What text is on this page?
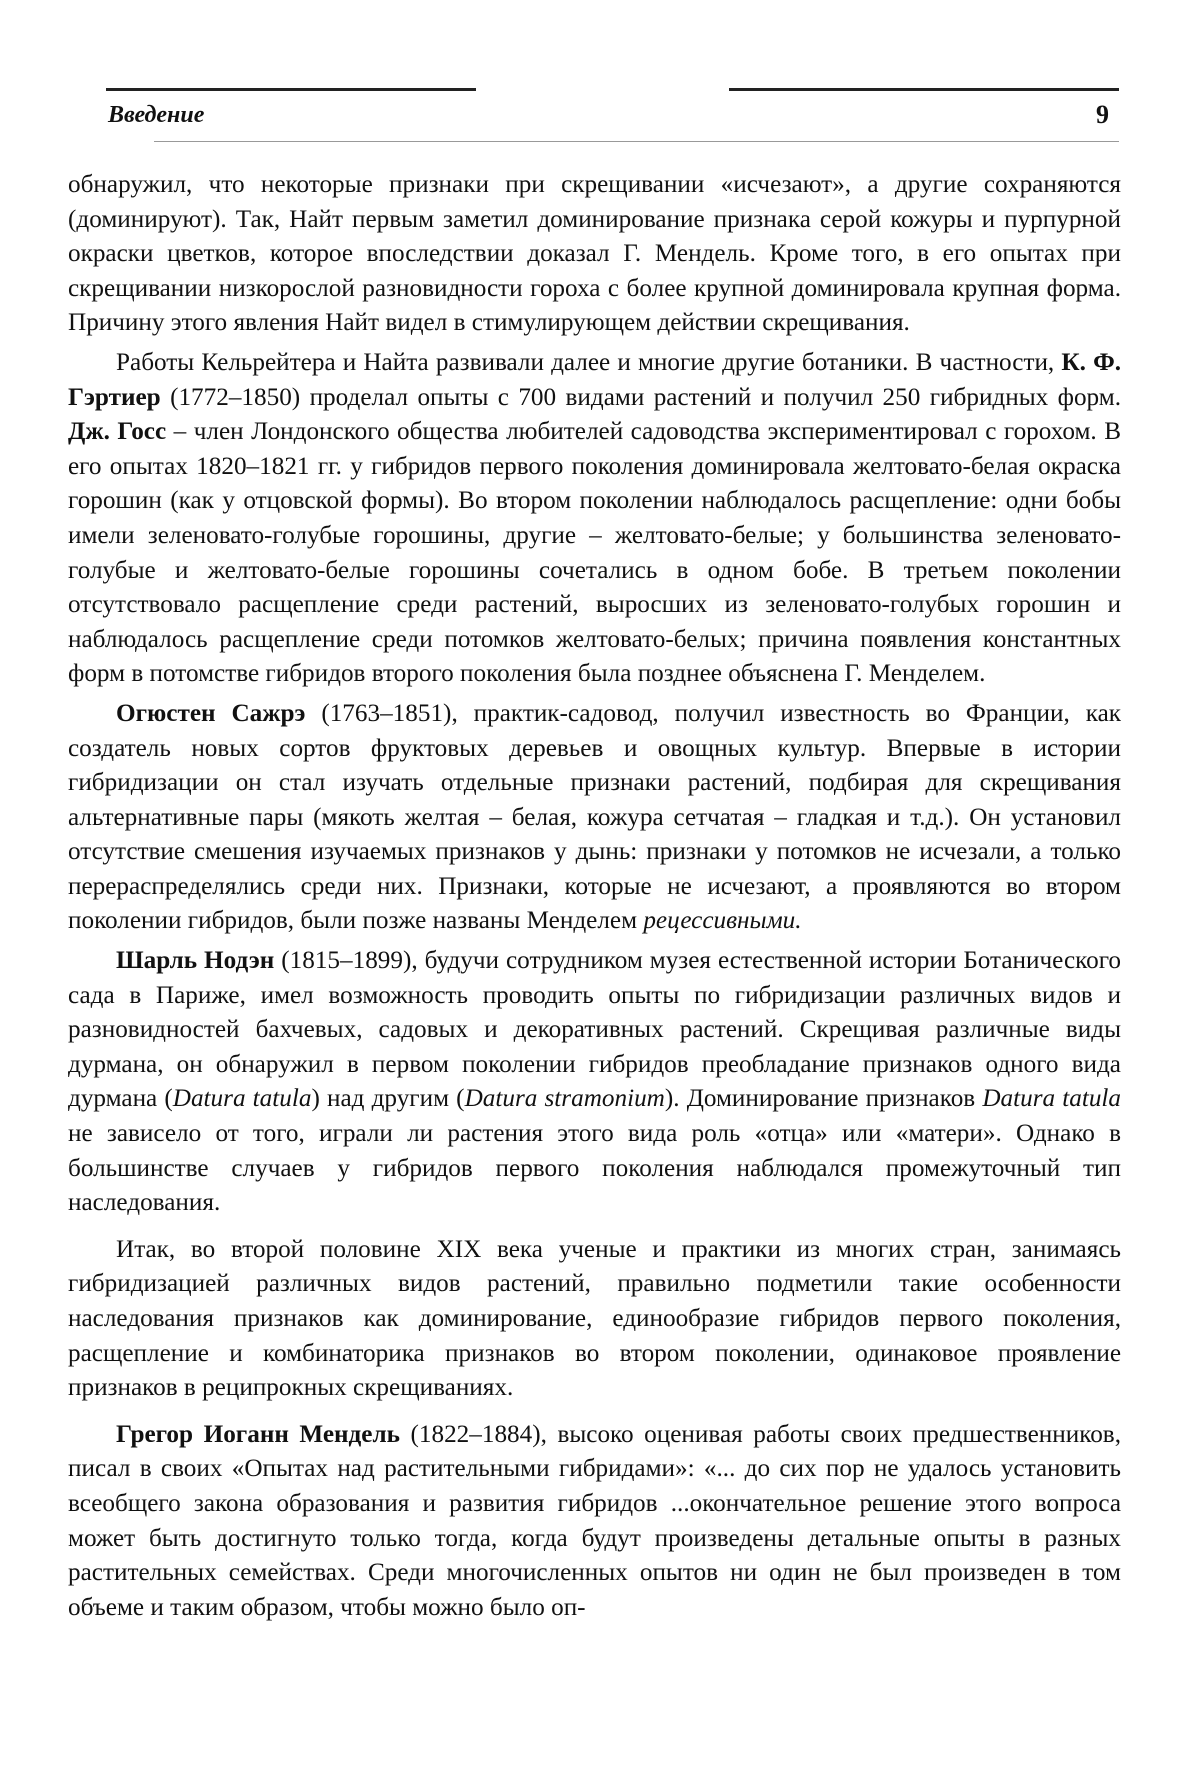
Введение	9

обнаружил, что некоторые признаки при скрещивании «исчезают», а другие сохраняются (доминируют). Так, Найт первым заметил доминирование признака серой кожуры и пурпурной окраски цветков, которое впоследствии доказал Г. Мендель. Кроме того, в его опытах при скрещивании низкорослой разновидности гороха с более крупной доминировала крупная форма. Причину этого явления Найт видел в стимулирующем действии скрещивания.

Работы Кельрейтера и Найта развивали далее и многие другие ботаники. В частности, К. Ф. Гэртиер (1772–1850) проделал опыты с 700 видами растений и получил 250 гибридных форм. Дж. Госс – член Лондонского общества любителей садоводства экспериментировал с горохом. В его опытах 1820–1821 гг. у гибридов первого поколения доминировала желтовато-белая окраска горошин (как у отцовской формы). Во втором поколении наблюдалось расщепление: одни бобы имели зеленовато-голубые горошины, другие – желтовато-белые; у большинства зеленовато-голубые и желтовато-белые горошины сочетались в одном бобе. В третьем поколении отсутствовало расщепление среди растений, выросших из зеленовато-голубых горошин и наблюдалось расщепление среди потомков желтовато-белых; причина появления константных форм в потомстве гибридов второго поколения была позднее объяснена Г. Менделем.

Огюстен Сажрэ (1763–1851), практик-садовод, получил известность во Франции, как создатель новых сортов фруктовых деревьев и овощных культур. Впервые в истории гибридизации он стал изучать отдельные признаки растений, подбирая для скрещивания альтернативные пары (мякоть желтая – белая, кожура сетчатая – гладкая и т.д.). Он установил отсутствие смешения изучаемых признаков у дынь: признаки у потомков не исчезали, а только перераспределялись среди них. Признаки, которые не исчезают, а проявляются во втором поколении гибридов, были позже названы Менделем рецессивными.

Шарль Нодэн (1815–1899), будучи сотрудником музея естественной истории Ботанического сада в Париже, имел возможность проводить опыты по гибридизации различных видов и разновидностей бахчевых, садовых и декоративных растений. Скрещивая различные виды дурмана, он обнаружил в первом поколении гибридов преобладание признаков одного вида дурмана (Datura tatula) над другим (Datura stramonium). Доминирование признаков Datura tatula не зависело от того, играли ли растения этого вида роль «отца» или «матери». Однако в большинстве случаев у гибридов первого поколения наблюдался промежуточный тип наследования.

Итак, во второй половине XIX века ученые и практики из многих стран, занимаясь гибридизацией различных видов растений, правильно подметили такие особенности наследования признаков как доминирование, единообразие гибридов первого поколения, расщепление и комбинаторика признаков во втором поколении, одинаковое проявление признаков в реципрокных скрещиваниях.

Грегор Иоганн Мендель (1822–1884), высоко оценивая работы своих предшественников, писал в своих «Опытах над растительными гибридами»: «... до сих пор не удалось установить всеобщего закона образования и развития гибридов ...окончательное решение этого вопроса может быть достигнуто только тогда, когда будут произведены детальные опыты в разных растительных семействах. Среди многочисленных опытов ни один не был произведен в том объеме и таким образом, чтобы можно было оп-
